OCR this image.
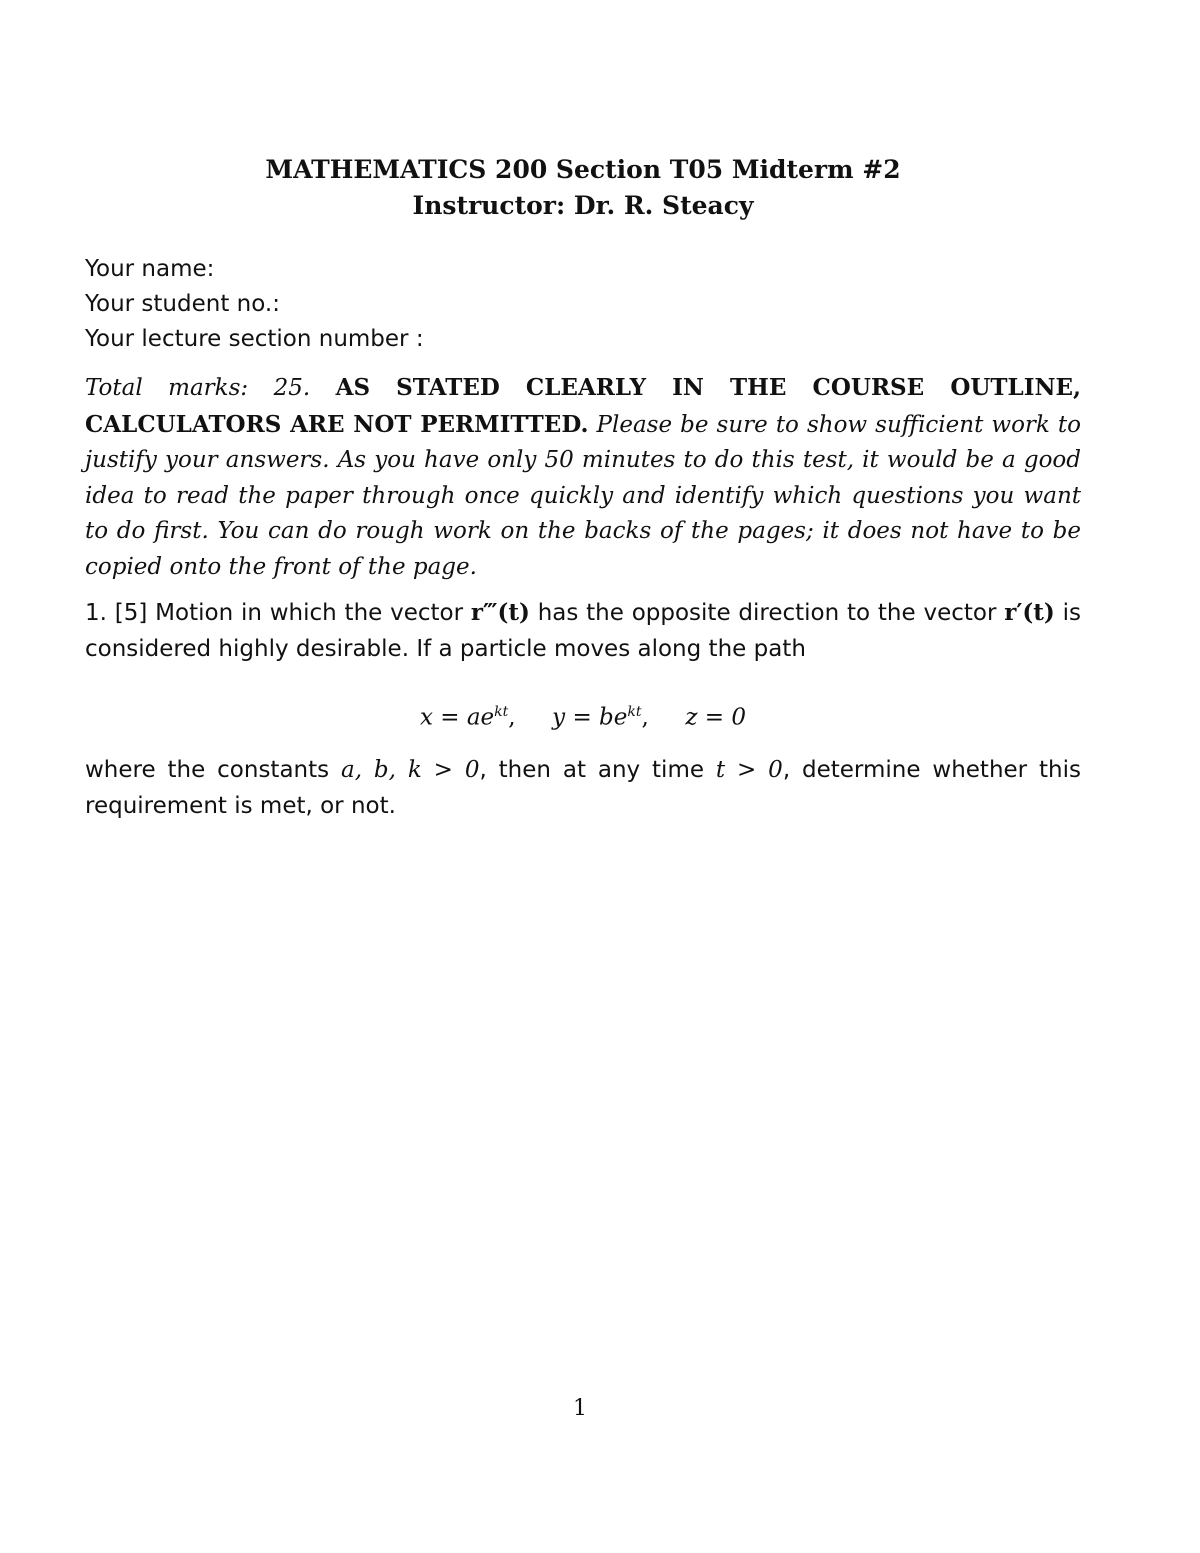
MATHEMATICS 200 Section T05 Midterm #2
Instructor: Dr. R. Steacy
Your name:
Your student no.:
Your lecture section number :
Total marks: 25. AS STATED CLEARLY IN THE COURSE OUTLINE, CALCULATORS ARE NOT PERMITTED. Please be sure to show sufficient work to justify your answers. As you have only 50 minutes to do this test, it would be a good idea to read the paper through once quickly and identify which questions you want to do first. You can do rough work on the backs of the pages; it does not have to be copied onto the front of the page.
1. [5] Motion in which the vector r‴(t) has the opposite direction to the vector r′(t) is considered highly desirable. If a particle moves along the path
$x = ae^{kt}$,     $y = be^{kt}$,     z = 0
where the constants a, b, k > 0, then at any time t > 0, determine whether this requirement is met, or not.
1
